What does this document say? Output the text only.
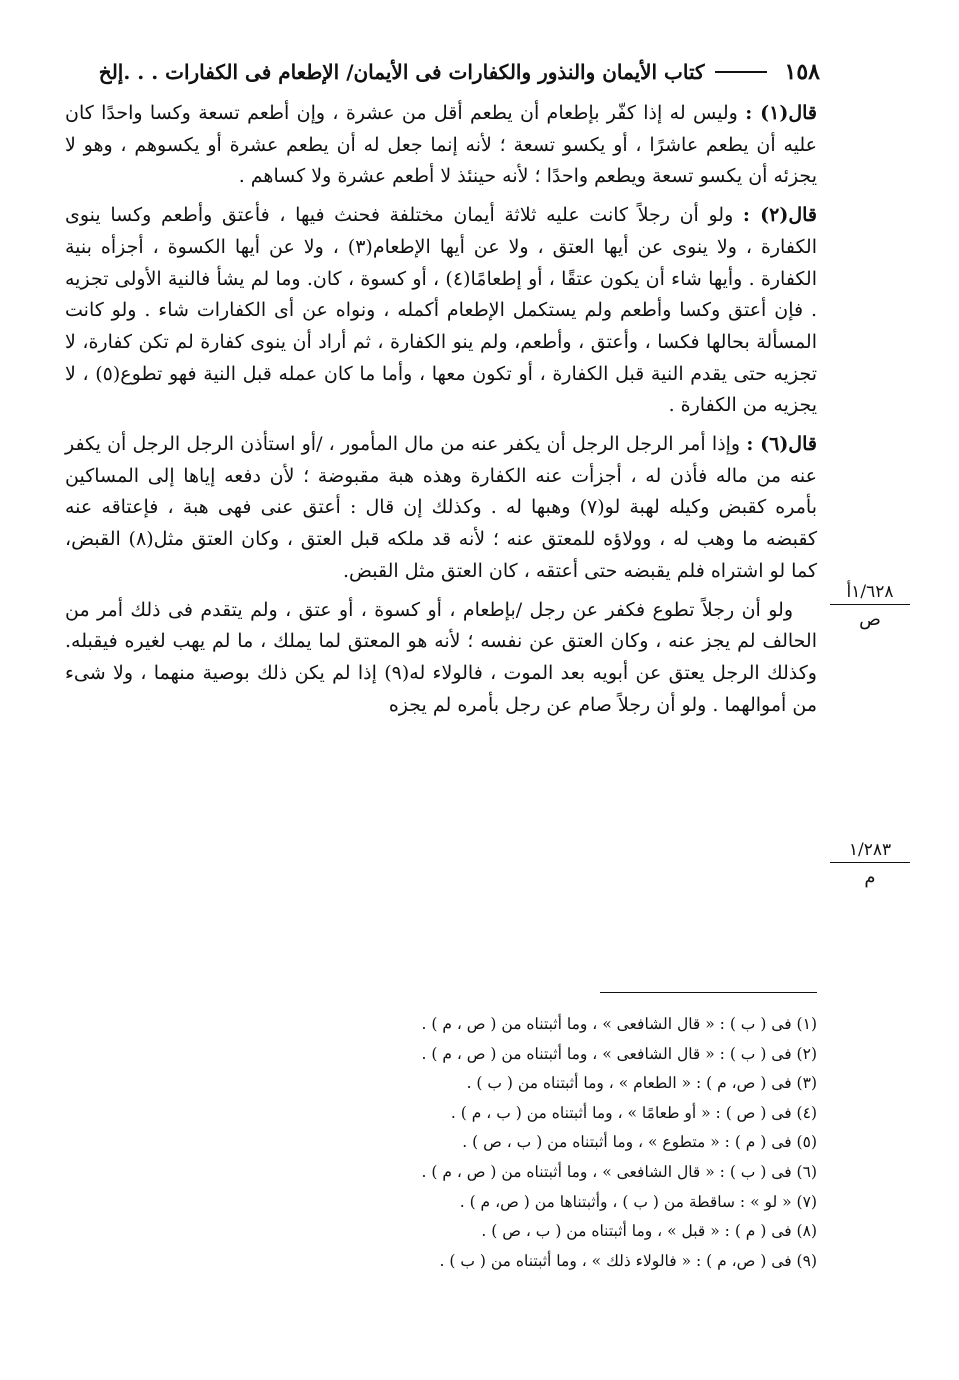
١٥٨
كتاب الأيمان والنذور والكفارات فى الأيمان/ الإطعام فى الكفارات . . .إلخ

قال(١) : وليس له إذا كفّر بإطعام أن يطعم أقل من عشرة ، وإن أطعم تسعة وكسا واحدًا كان عليه أن يطعم عاشرًا ، أو يكسو تسعة ؛ لأنه إنما جعل له أن يطعم عشرة أو يكسوهم ، وهو لا يجزئه أن يكسو تسعة ويطعم واحدًا ؛ لأنه حينئذ لا أطعم عشرة ولا كساهم .

قال(٢) : ولو أن رجلاً كانت عليه ثلاثة أيمان مختلفة فحنث فيها ، فأعتق وأطعم وكسا ينوى الكفارة ، ولا ينوى عن أيها العتق ، ولا عن أيها الإطعام(٣) ، ولا عن أيها الكسوة ، أجزأه بنية الكفارة . وأيها شاء أن يكون عتقًا ، أو إطعامًا(٤) ، أو كسوة ، كان. وما لم يشأ فالنية الأولى تجزيه . فإن أعتق وكسا وأطعم ولم يستكمل الإطعام أكمله ، ونواه عن أى الكفارات شاء . ولو كانت المسألة بحالها فكسا ، وأعتق ، وأطعم، ولم ينو الكفارة ، ثم أراد أن ينوى كفارة لم تكن كفارة، لا تجزيه حتى يقدم النية قبل الكفارة ، أو تكون معها ، وأما ما كان عمله قبل النية فهو تطوع(٥) ، لا يجزيه من الكفارة .

قال(٦) : وإذا أمر الرجل الرجل أن يكفر عنه من مال المأمور ، /أو استأذن الرجل الرجل أن يكفر عنه من ماله فأذن له ، أجزأت عنه الكفارة وهذه هبة مقبوضة ؛ لأن دفعه إياها إلى المساكين بأمره كقبض وكيله لهبة لو(٧) وهبها له . وكذلك إن قال : أعتق عنى فهى هبة ، فإعتاقه عنه كقبضه ما وهب له ، وولاؤه للمعتق عنه ؛ لأنه قد ملكه قبل العتق ، وكان العتق مثل(٨) القبض، كما لو اشتراه فلم يقبضه حتى أعتقه ، كان العتق مثل القبض.

ولو أن رجلاً تطوع فكفر عن رجل /بإطعام ، أو كسوة ، أو عتق ، ولم يتقدم فى ذلك أمر من الحالف لم يجز عنه ، وكان العتق عن نفسه ؛ لأنه هو المعتق لما يملك ، ما لم يهب لغيره فيقبله. وكذلك الرجل يعتق عن أبويه بعد الموت ، فالولاء له(٩) إذا لم يكن ذلك بوصية منهما ، ولا شىء من أموالهما . ولو أن رجلاً صام عن رجل بأمره لم يجزه

١/٦٢٨أ
ص
١/٢٨٣
م
(١) فى ( ب ) : « قال الشافعى » ، وما أثبتناه من ( ص ، م ) .
(٢) فى ( ب ) : « قال الشافعى » ، وما أثبتناه من ( ص ، م ) .
(٣) فى ( ص، م ) : « الطعام » ، وما أثبتناه من ( ب ) .
(٤) فى ( ص ) : « أو طعامًا » ، وما أثبتناه من ( ب ، م ) .
(٥) فى ( م ) : « متطوع » ، وما أثبتناه من ( ب ، ص ) .
(٦) فى ( ب ) : « قال الشافعى » ، وما أثبتناه من ( ص ، م ) .
(٧) « لو » : ساقطة من ( ب ) ، وأثبتناها من ( ص، م ) .
(٨) فى ( م ) : « قبل » ، وما أثبتناه من ( ب ، ص ) .
(٩) فى ( ص، م ) : « فالولاء ذلك » ، وما أثبتناه من ( ب ) .
